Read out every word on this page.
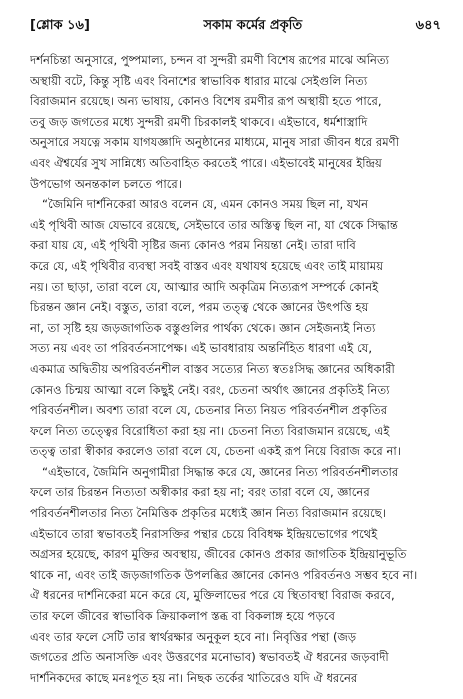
[শ্লোক ১৬]	সকাম কর্মের প্রকৃতি	৬৪৭
দর্শনচিন্তা অনুসারে, পুষ্পমাল্য, চন্দন বা সুন্দরী রমণী বিশেষ রূপের মাঝে অনিত্য
অস্থায়ী বটে, কিন্তু সৃষ্টি এবং বিনাশের স্বাভাবিক ধারার মাঝে সেইগুলি নিত্য
বিরাজমান রয়েছে। অন্য ভাষায়, কোনও বিশেষ রমণীর রূপ অস্থায়ী হতে পারে,
তবু জড় জগতের মধ্যে সুন্দরী রমণী চিরকালই থাকবে। এইভাবে, ধর্মশাস্ত্রাদি
অনুসারে সযত্নে সকাম যাগযজ্ঞাদি অনুষ্ঠানের মাধ্যমে, মানুষ সারা জীবন ধরে রমণী
এবং ঐশ্বর্যের সুখ সান্নিধ্যে অতিবাহিত করতেই পারে। এইভাবেই মানুষের ইন্দ্রিয়
উপভোগ অনন্তকাল চলতে পারে।
“জৈমিনি দার্শনিকেরা আরও বলেন যে, এমন কোনও সময় ছিল না, যখন
এই পৃথিবী আজ যেভাবে রয়েছে, সেইভাবে তার অস্তিত্ব ছিল না, যা থেকে সিদ্ধান্ত
করা যায় যে, এই পৃথিবী সৃষ্টির জন্য কোনও পরম নিয়ন্তা নেই। তারা দাবি
করে যে, এই পৃথিবীর ব্যবস্থা সবই বাস্তব এবং যথাযথ হয়েছে এবং তাই মায়াময়
নয়। তা ছাড়া, তারা বলে যে, আত্মার আদি অকৃত্রিম নিত্যরূপ সম্পর্কে কোনই
চিরন্তন জ্ঞান নেই। বস্তুত, তারা বলে, পরম তত্ত্ব থেকে জ্ঞানের উৎপত্তি হয়
না, তা সৃষ্টি হয় জড়জাগতিক বস্তুগুলির পার্থক্য থেকে। জ্ঞান সেইজন্যই নিত্য
সত্য নয় এবং তা পরিবর্তনসাপেক্ষ। এই ভাবধারায় অন্তর্নিহিত ধারণা এই যে,
একমাত্র অদ্বিতীয় অপরিবর্তনশীল বাস্তব সত্যের নিত্য স্বতঃসিদ্ধ জ্ঞানের অধিকারী
কোনও চিন্ময় আত্মা বলে কিছুই নেই। বরং, চেতনা অর্থাৎ জ্ঞানের প্রকৃতিই নিত্য
পরিবর্তনশীল। অবশ্য তারা বলে যে, চেতনার নিত্য নিয়ত পরিবর্তনশীল প্রকৃতির
ফলে নিত্য তত্ত্বের বিরোধিতা করা হয় না। চেতনা নিত্য বিরাজমান রয়েছে, এই
তত্ত্ব তারা স্বীকার করলেও তারা বলে যে, চেতনা একই রূপ নিয়ে বিরাজ করে না।
“এইভাবে, জৈমিনি অনুগামীরা সিদ্ধান্ত করে যে, জ্ঞানের নিত্য পরিবর্তনশীলতার
ফলে তার চিরন্তন নিত্যতা অস্বীকার করা হয় না; বরং তারা বলে যে, জ্ঞানের
পরিবর্তনশীলতার নিত্য নৈমিত্তিক প্রকৃতির মধ্যেই জ্ঞান নিত্য বিরাজমান রয়েছে।
এইভাবে তারা স্বভাবতই নিরাসক্তির পন্থার চেয়ে বিবিধক্ষ ইন্দ্রিয়ভোগের পথেই
অগ্রসর হয়েছে, কারণ মুক্তির অবস্থায়, জীবের কোনও প্রকার জাগতিক ইন্দ্রিয়ানুভূতি
থাকে না, এবং তাই জড়জাগতিক উপলব্ধির জ্ঞানের কোনও পরিবর্তনও সম্ভব হবে না।
ঐ ধরনের দার্শনিকেরা মনে করে যে, মুক্তিলাভের পরে যে স্থিতাবস্থা বিরাজ করবে,
তার ফলে জীবের স্বাভাবিক ক্রিয়াকলাপ স্তব্ধ বা বিকলাঙ্গ হয়ে পড়বে
এবং তার ফলে সেটি তার স্বার্থরক্ষার অনুকূল হবে না। নিবৃত্তির পন্থা (জড়
জগতের প্রতি অনাসক্তি এবং উত্তরণের মনোভাব) স্বভাবতই ঐ ধরনের জড়বাদী
দার্শনিকদের কাছে মনঃপূত হয় না। নিছক তর্কের খাতিরেও যদি ঐ ধরনের
